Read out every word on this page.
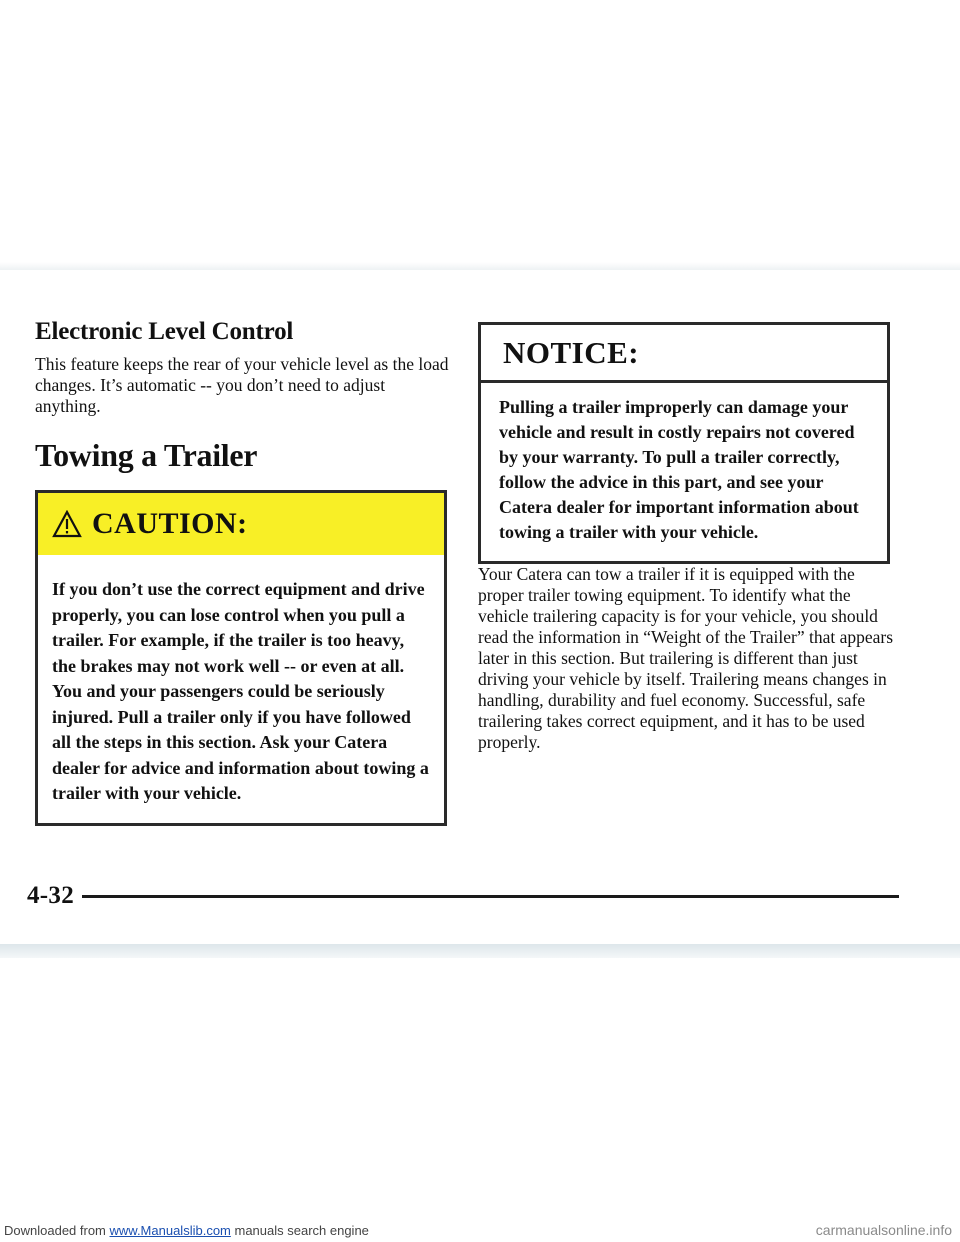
Electronic Level Control

This feature keeps the rear of your vehicle level as the load changes. It’s automatic -- you don’t need to adjust anything.

Towing a Trailer
CAUTION:

If you don’t use the correct equipment and drive properly, you can lose control when you pull a trailer. For example, if the trailer is too heavy, the brakes may not work well -- or even at all. You and your passengers could be seriously injured. Pull a trailer only if you have followed all the steps in this section. Ask your Catera dealer for advice and information about towing a trailer with your vehicle.

NOTICE:

Pulling a trailer improperly can damage your vehicle and result in costly repairs not covered by your warranty. To pull a trailer correctly, follow the advice in this part, and see your Catera dealer for important information about towing a trailer with your vehicle.

Your Catera can tow a trailer if it is equipped with the proper trailer towing equipment. To identify what the vehicle trailering capacity is for your vehicle, you should read the information in “Weight of the Trailer” that appears later in this section. But trailering is different than just driving your vehicle by itself. Trailering means changes in handling, durability and fuel economy. Successful, safe trailering takes correct equipment, and it has to be used properly.

4-32
Downloaded from www.Manualslib.com manuals search engine	carmanualsonline.info
